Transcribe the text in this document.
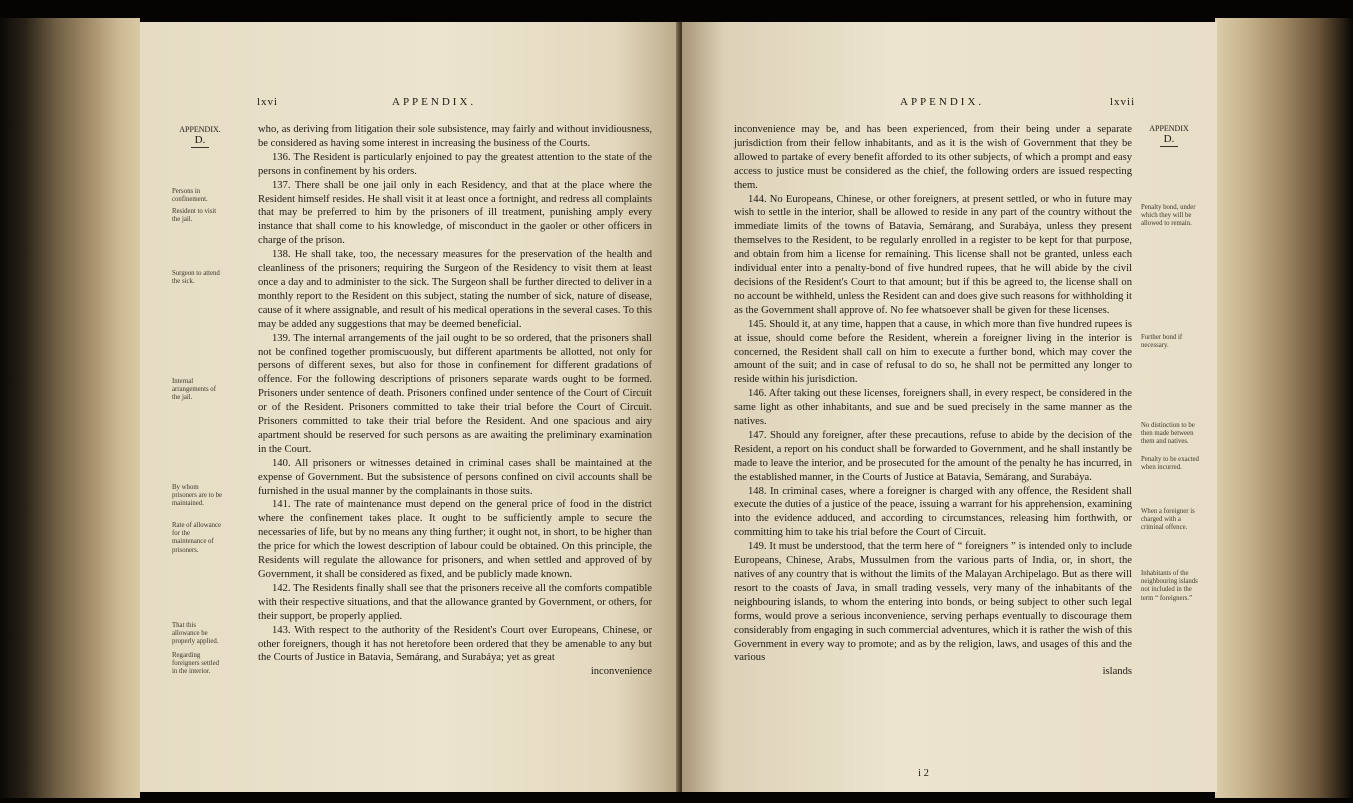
lxvi	APPENDIX.
APPENDIX.
D.
Persons in confinement.
Resident to visit the jail.
Surgeon to attend the sick.
Internal arrangements of the jail.
By whom prisoners are to be maintained.
Rate of allowance for the maintenance of prisoners.
That this allowance be properly applied.
Regarding foreigners settled in the interior.

who, as deriving from litigation their sole subsistence, may fairly and without invidiousness, be considered as having some interest in increasing the business of the Courts.

136. The Resident is particularly enjoined to pay the greatest attention to the state of the persons in confinement by his orders.

137. There shall be one jail only in each Residency, and that at the place where the Resident himself resides. He shall visit it at least once a fortnight, and redress all complaints that may be preferred to him by the prisoners of ill treatment, punishing amply every instance that shall come to his knowledge, of misconduct in the gaoler or other officers in charge of the prison.

138. He shall take, too, the necessary measures for the preservation of the health and cleanliness of the prisoners; requiring the Surgeon of the Residency to visit them at least once a day and to administer to the sick. The Surgeon shall be further directed to deliver in a monthly report to the Resident on this subject, stating the number of sick, nature of disease, cause of it where assignable, and result of his medical operations in the several cases. To this may be added any suggestions that may be deemed beneficial.

139. The internal arrangements of the jail ought to be so ordered, that the prisoners shall not be confined together promiscuously, but different apartments be allotted, not only for persons of different sexes, but also for those in confinement for different gradations of offence. For the following descriptions of prisoners separate wards ought to be formed. Prisoners under sentence of death. Prisoners confined under sentence of the Court of Circuit or of the Resident. Prisoners committed to take their trial before the Court of Circuit. Prisoners committed to take their trial before the Resident. And one spacious and airy apartment should be reserved for such persons as are awaiting the preliminary examination in the Court.

140. All prisoners or witnesses detained in criminal cases shall be maintained at the expense of Government. But the subsistence of persons confined on civil accounts shall be furnished in the usual manner by the complainants in those suits.

141. The rate of maintenance must depend on the general price of food in the district where the confinement takes place. It ought to be sufficiently ample to secure the necessaries of life, but by no means any thing further; it ought not, in short, to be higher than the price for which the lowest description of labour could be obtained. On this principle, the Residents will regulate the allowance for prisoners, and when settled and approved of by Government, it shall be considered as fixed, and be publicly made known.

142. The Residents finally shall see that the prisoners receive all the comforts compatible with their respective situations, and that the allowance granted by Government, or others, for their support, be properly applied.

143. With respect to the authority of the Resident's Court over Europeans, Chinese, or other foreigners, though it has not heretofore been ordered that they be amenable to any but the Courts of Justice in Batavia, Semárang, and Surabáya; yet as great

inconvenience

APPENDIX.	lxvii
APPENDIX
D.
Penalty bond, under which they will be allowed to remain.
Further bond if necessary.
No distinction to be then made between them and natives.
Penalty to be exacted when incurred.
When a foreigner is charged with a criminal offence.
Inhabitants of the neighbouring islands not included in the term “ foreigners.”

inconvenience may be, and has been experienced, from their being under a separate jurisdiction from their fellow inhabitants, and as it is the wish of Government that they be allowed to partake of every benefit afforded to its other subjects, of which a prompt and easy access to justice must be considered as the chief, the following orders are issued respecting them.

144. No Europeans, Chinese, or other foreigners, at present settled, or who in future may wish to settle in the interior, shall be allowed to reside in any part of the country without the immediate limits of the towns of Batavia, Semárang, and Surabáya, unless they present themselves to the Resident, to be regularly enrolled in a register to be kept for that purpose, and obtain from him a license for remaining. This license shall not be granted, unless each individual enter into a penalty-bond of five hundred rupees, that he will abide by the civil decisions of the Resident's Court to that amount; but if this be agreed to, the license shall on no account be withheld, unless the Resident can and does give such reasons for withholding it as the Government shall approve of. No fee whatsoever shall be given for these licenses.

145. Should it, at any time, happen that a cause, in which more than five hundred rupees is at issue, should come before the Resident, wherein a foreigner living in the interior is concerned, the Resident shall call on him to execute a further bond, which may cover the amount of the suit; and in case of refusal to do so, he shall not be permitted any longer to reside within his jurisdiction.

146. After taking out these licenses, foreigners shall, in every respect, be considered in the same light as other inhabitants, and sue and be sued precisely in the same manner as the natives.

147. Should any foreigner, after these precautions, refuse to abide by the decision of the Resident, a report on his conduct shall be forwarded to Government, and he shall instantly be made to leave the interior, and be prosecuted for the amount of the penalty he has incurred, in the established manner, in the Courts of Justice at Batavia, Semárang, and Surabáya.

148. In criminal cases, where a foreigner is charged with any offence, the Resident shall execute the duties of a justice of the peace, issuing a warrant for his apprehension, examining into the evidence adduced, and according to circumstances, releasing him forthwith, or committing him to take his trial before the Court of Circuit.

149. It must be understood, that the term here of “ foreigners ” is intended only to include Europeans, Chinese, Arabs, Mussulmen from the various parts of India, or, in short, the natives of any country that is without the limits of the Malayan Archipelago. But as there will resort to the coasts of Java, in small trading vessels, very many of the inhabitants of the neighbouring islands, to whom the entering into bonds, or being subject to other such legal forms, would prove a serious inconvenience, serving perhaps eventually to discourage them considerably from engaging in such commercial adventures, which it is rather the wish of this Government in every way to promote; and as by the religion, laws, and usages of this and the various

islands

i 2
